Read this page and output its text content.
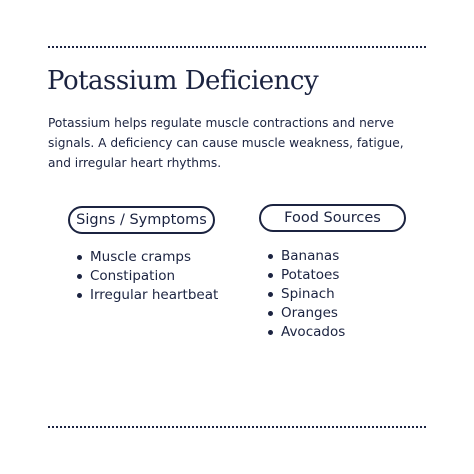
Potassium Deficiency

Potassium helps regulate muscle contractions and nerve signals. A deficiency can cause muscle weakness, fatigue, and irregular heart rhythms.

Signs / Symptoms
Muscle cramps
Constipation
Irregular heartbeat
Food Sources
Bananas
Potatoes
Spinach
Oranges
Avocados
